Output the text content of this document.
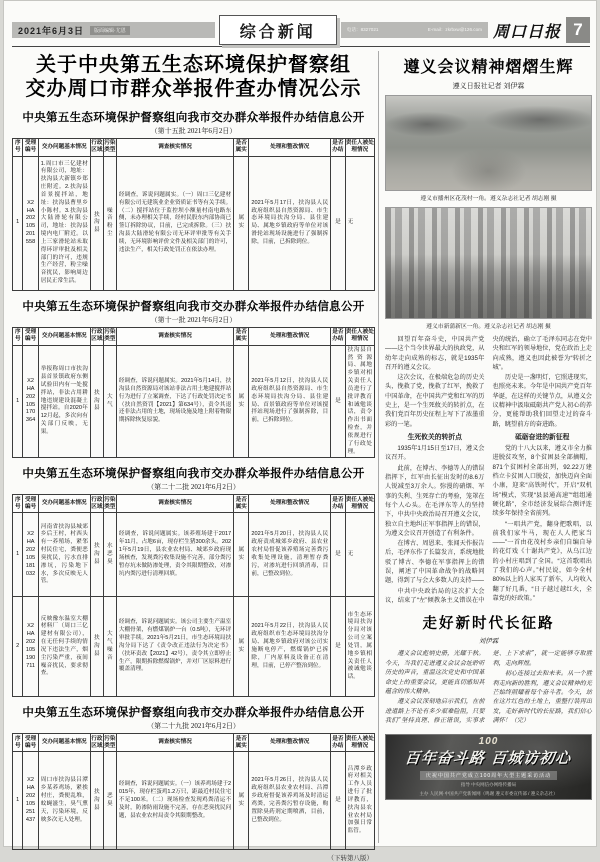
2021年6月3日	版面编辑·尤恩	综合新闻	电话：8327021	E-mail：zkrbxw@126.com 周口日报 7
关于中央第五生态环境保护督察组
交办周口市群众举报件查办情况公示
中央第五生态环境保护督察组向我市交办群众举报件办结信息公开
（第十五批 2021年6月2日）
序号	受理编号	交办问题基本情况	行政区域	污染类型	调查核实情况	是否属实	处理和整改情况	是否办结	责任人被处理情况
1	X2HA202105201558	1.周口市三亿建材有限公司，地址：扶沟县大新镇乡郑庄附近。2.扶沟县首景搅拌站，地址：扶沟县曹里乡小陈村。3.扶沟县大陆滑轮有限公司，地址：扶沟县境内电厂附近。以上三家滑轮站未取得环评审批及相关部门的许可，违规生产经营，粉尘噪音扰民，影响周边居民正常生活。	扶沟县	噪音 粉尘	经调查，诉说问题属实。（一）周口三亿建材有限公司无建筑业企业资质证书等有关手续。（二）搅拌站位于监控坝小额量村南电路东侧，未办理相关手续，经村民股东内部协商已签订拆除协议，目前，已完成拆除。（三）扶沟县大陆滑轮有限公司无环评审批等有关手续，无环境影响评价文件及相关部门的许可，违法生产，相关行政处罚正在依法办理。	属实	2021年5月17日，扶沟县人民政府组织县自然资源局、市生态环境局扶沟分局、县住建局、属地乡镇政府等单位对该滑轮站现场设施进行了强制拆除，目前，已拆除到位。	是	无
中央第五生态环境保护督察组向我市交办群众举报件办结信息公开
（第十一批 2021年6月2日）
序号	受理编号	交办问题基本情况	行政区域	污染类型	调查核实情况	是否属实	处理和整改情况	是否办结	责任人被处理情况
1	X2HA202105170364	举报称周口市扶沟县首景镇政府东侧试验田内有一处搅拌站，非法占用耕地违规建设混凝土搅拌站。自2020年12月起，多次向有关部门反映，无果。	扶沟县	大气	经调查，诉说问题属实。2021年5月14日，扶沟县自然资源局对该站非法占用土地建搅拌站行为进行了立案调查，下达了行政处罚决定书（扶自然资罚【2021】第634号），责令其退还非法占用的土地，现场设施及地上附着物限期拆除恢复原貌。	属实	2021年5月12日，扶沟县人民政府组织县自然资源局、市生态环境局扶沟分局、县住建局、首景镇政府等单位对该搅拌站现场进行了强制拆除，目前，已拆除到位。	是	扶沟县自然资源局、属地乡镇对相关责任人员进行了批评教育和诫勉谈话，责令作出书面检查，并依规进行了行政处理。
中央第五生态环境保护督察组向我市交办群众举报件办结信息公开
（第二十二批 2021年6月2日）
序号	受理编号	交办问题基本情况	行政区域	污染类型	调查核实情况	是否属实	处理和整改情况	是否办结	责任人被处理情况
1	X2HA202105181032	河南省扶沟县城郊乡后王村，村西头有一养殖场，紧邻村民住宅，粪便恶臭扰民，污水直排渗坑，污染地下水，多次反映无人管。	扶沟县	水 恶臭	经调查，诉说问题属实。该养殖场建于2017年11月，占地6亩，现存栏生猪300余头。2021年5月19日，县农业农村局、城郊乡政府现场核查，发现粪污收集设施不完善，部分粪污暂存坑未做防渗处理，责令其限期整改，对渗坑内粪污进行清理回填。	属实	2021年5月20日，扶沟县人民政府责成城郊乡政府、县农业农村局督促该养殖场完善粪污收集处理设施，清理暂存粪污，对渗坑进行回填消毒，目前，已整改到位。	是	无
2	X2HA202105190711	反映豫东温室大棚材料厂（周口三亿建材有限公司），在无任何手续的情况下违法生产，烟尘污染严重，夜间噪音扰民，要求彻查。	扶沟县	大气 噪音	经调查，诉说问题属实。该公司主要生产温室大棚骨架，有燃煤锅炉一台（0.5吨），无环评审批手续。2021年5月21日，市生态环境局扶沟分局下达了《责令改正违法行为决定书》（扶环责改【2021】42号），责令其立即停止生产，限期拆除燃煤锅炉，并对厂区原料进行覆盖清理。	属实	2021年5月22日，扶沟县人民政府组织市生态环境局扶沟分局、属地乡镇政府对该公司实施断电停产，燃煤锅炉已拆除，厂内原料及设备正在清理，目前，已停产整治到位。	是	市生态环境局扶沟分局对该公司立案处罚，属地乡镇相关责任人被诫勉谈话。
中央第五生态环境保护督察组向我市交办群众举报件办结信息公开
（第二十九批 2021年6月2日）
序号	受理编号	交办问题基本情况	行政区域	污染类型	调查核实情况	是否属实	处理和整改情况	是否办结	责任人被处理情况
1	X2HA202105251437	周口市扶沟县吕潭乡某养鸡场，紧挨村庄，粪便乱堆，蚊蝇滋生，臭气熏天，污染环境，反映多次无人处理。	扶沟县	恶臭	经调查，诉说问题属实。（一）该养鸡场建于2015年，现存栏蛋鸡1.2万只，距最近村民住宅不足100米。（二）现场检查发现鸡粪清运不及时，防渗防雨设施不完善，存在恶臭扰民问题，县农业农村局责令其限期整改。	属实	2021年5月26日，扶沟县人民政府组织县农业农村局、吕潭乡政府督促该养鸡场及时清运鸡粪，完善粪污暂存设施，购置除臭药剂定期喷洒，目前，已整改到位。	是	吕潭乡政府对相关工作人员进行了批评教育，扶沟县农业农村局加强日常监管。
（下转第八版）
遵义会议精神熠熠生辉
遵义日报社记者 刘伊霖
遵义市播州区花茂村一角。遵义杂志社记者 胡志刚 摄
遵义市新蒲新区一角。遵义杂志社记者 胡志刚 摄

回望百年奋斗史，中国共产党——这个当今世界最大的执政党，从幼年走向成熟的标志，就是1935年召开的遵义会议。

这次会议，在极端危急的历史关头，挽救了党，挽救了红军，挽救了中国革命，在中国共产党和红军的历史上，是一个生死攸关的转折点，在我们党百年历史征程上写下了浓墨重彩的一笔。

生死攸关的转折点

1935年1月15日至17日，遵义会议召开。

此前，在博古、李德等人的错误指挥下，红军由长征出发时的8.6万人锐减至3万余人。弥漫的硝烟、军事的失利、生死存亡的考验，笼罩在每个人心头。在毛泽东等人的坚持下，中共中央政治局召开遵义会议，独立自主地纠正军事指挥上的错误，为遵义会议召开创造了有利条件。

在博古、周恩来、张闻天作报告后，毛泽东作了长篇发言，系统地批驳了博古、李德在军事指挥上的错误，阐述了中国革命战争的战略问题，得到了与会大多数人的支持——

中共中央政治局的这次扩大会议，结束了“左”倾教条主义错误在中央的统治，确立了毛泽东同志在党中央和红军的领导地位，党在政治上走向成熟，遵义也因此被誉为“转折之城”。

历史是一盏明灯，它照进现实，也照亮未来。今年是中国共产党百年华诞，在这样的关键节点，从遵义会议精神中汲取砥砺共产党人初心的养分，更能帮助我们回望走过的奋斗路，眺望前方的奋进路。

砥砺奋进的新征程

党的十八大以来，遵义市全力推进脱贫攻坚，8个贫困县全部摘帽，871个贫困村全部出列，92.22万建档立卡贫困人口脱贫，加快迈向全面小康，迎来“高铁时代”，开启“双机场”模式，实现“县县通高速”“组组通硬化路”，全市经济发展综合测评连续多年保持全省前列。

“一唱共产党，翻身把歌唱，以前我们家牛马，现在人人把家当——”一首由花茂村乡亲们自编自导的花灯戏《十谢共产党》，从乌江边的小村庄唱到了全国。“这首歌唱出了我们的心声。”村民说，如今全村80%以上的人家买了新车，人均收入翻了好几番，“日子越过越红火，全靠党的好政策。”

走好新时代长征路
刘伊霖

遵义会议彪炳史册，光耀千秋。今天，当我们走进遵义会议会址聆听历史的声音，重温这次党史和中国革命史上的重要会议，更能真切感知其蕴含的伟大精神。

遵义会议深刻地启示我们，在前进道路上不论有多少艰难险阻，只要我们“坚持真理、修正错误，实事求是、上下求索”，就一定能够夺取胜利，走向辉煌。

初心连接过去和未来。从一个胜利走向新的胜利，遵义会议精神的光芒始终照耀着每个奋斗者。今天，站在这片红色的土地上，重整行装再出发，走好新时代的长征路，我们信心满怀！（完）

100
百年奋斗路 百城访初心
庆祝中国共产党成立100周年大型主题采访活动
指导 中央网信办网络传播局
主办 人民网·中国共产党新闻网（鸣谢 遵义市委宣传部 / 遵义杂志社）
